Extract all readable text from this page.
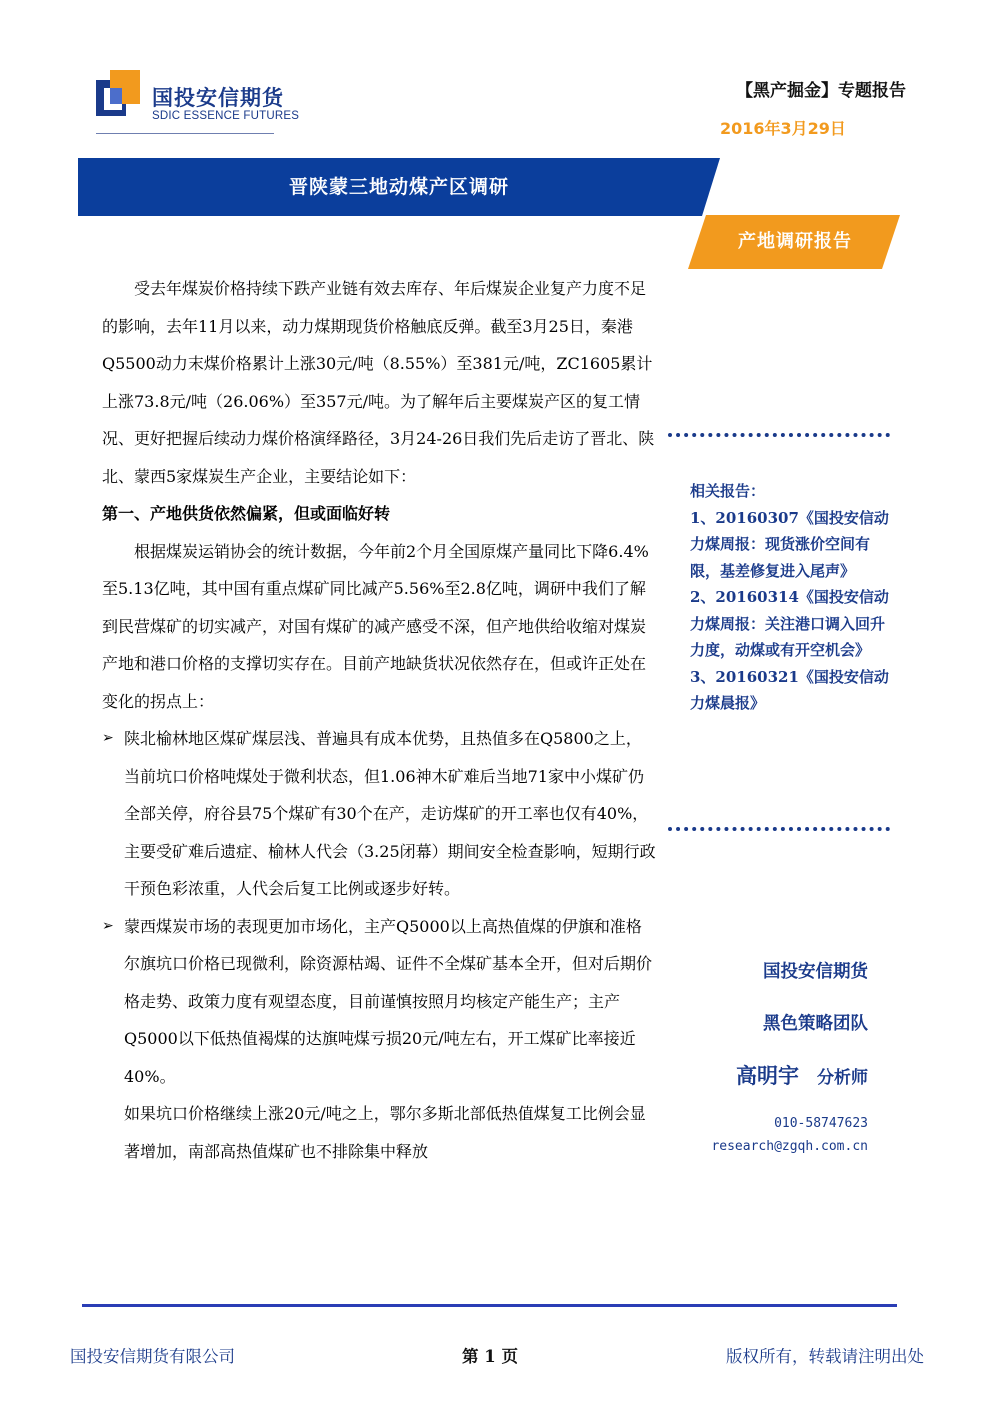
国投安信期货
SDIC ESSENCE FUTURES
【黑产掘金】专题报告
2016年3月29日
晋陕蒙三地动煤产区调研
产地调研报告

受去年煤炭价格持续下跌产业链有效去库存、年后煤炭企业复产力度不足的影响，去年11月以来，动力煤期现货价格触底反弹。截至3月25日，秦港Q5500动力末煤价格累计上涨30元/吨（8.55%）至381元/吨，ZC1605累计上涨73.8元/吨（26.06%）至357元/吨。为了解年后主要煤炭产区的复工情况、更好把握后续动力煤价格演绎路径，3月24-26日我们先后走访了晋北、陕北、蒙西5家煤炭生产企业，主要结论如下：

第一、产地供货依然偏紧，但或面临好转

根据煤炭运销协会的统计数据，今年前2个月全国原煤产量同比下降6.4%至5.13亿吨，其中国有重点煤矿同比减产5.56%至2.8亿吨，调研中我们了解到民营煤矿的切实减产，对国有煤矿的减产感受不深，但产地供给收缩对煤炭产地和港口价格的支撑切实存在。目前产地缺货状况依然存在，但或许正处在变化的拐点上：

➢ 陕北榆林地区煤矿煤层浅、普遍具有成本优势，且热值多在Q5800之上，当前坑口价格吨煤处于微利状态，但1.06神木矿难后当地71家中小煤矿仍全部关停，府谷县75个煤矿有30个在产，走访煤矿的开工率也仅有40%，主要受矿难后遗症、榆林人代会（3.25闭幕）期间安全检查影响，短期行政干预色彩浓重，人代会后复工比例或逐步好转。
➢ 蒙西煤炭市场的表现更加市场化，主产Q5000以上高热值煤的伊旗和准格尔旗坑口价格已现微利，除资源枯竭、证件不全煤矿基本全开，但对后期价格走势、政策力度有观望态度，目前谨慎按照月均核定产能生产；主产Q5000以下低热值褐煤的达旗吨煤亏损20元/吨左右，开工煤矿比率接近40%。

如果坑口价格继续上涨20元/吨之上，鄂尔多斯北部低热值煤复工比例会显著增加，南部高热值煤矿也不排除集中释放

相关报告：

1、20160307《国投安信动力煤周报：现货涨价空间有限，基差修复进入尾声》

2、20160314《国投安信动力煤周报：关注港口调入回升力度，动煤或有开空机会》

3、20160321《国投安信动力煤晨报》

国投安信期货
黑色策略团队
高明宇 分析师
010-58747623
research@zgqh.com.cn
国投安信期货有限公司	第 1 页	版权所有，转载请注明出处
